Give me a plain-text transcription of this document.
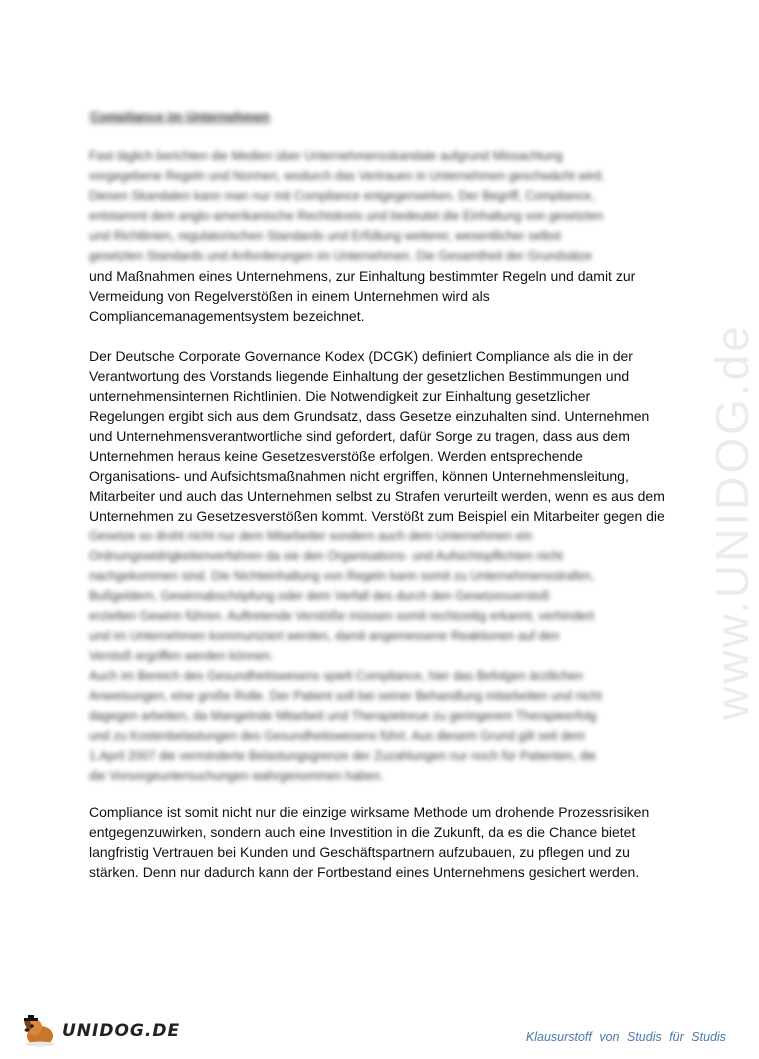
www.UNIDOG.de
Compliance im Unternehmen
Fast täglich berichten die Medien über Unternehmensskandale aufgrund Missachtung
vorgegebene Regeln und Normen, wodurch das Vertrauen in Unternehmen geschwächt wird.
Diesen Skandalen kann man nur mit Compliance entgegenwirken. Der Begriff, Compliance,
entstammt dem anglo-amerikanische Rechtskreis und bedeutet die Einhaltung von gesetzten
und Richtlinien, regulatorischen Standards und Erfüllung weiterer, wesentlicher selbst
gesetzten Standards und Anforderungen im Unternehmen. Die Gesamtheit der Grundsätze
und Maßnahmen eines Unternehmens, zur Einhaltung bestimmter Regeln und damit zur
Vermeidung von Regelverstößen in einem Unternehmen wird als
Compliancemanagementsystem bezeichnet.
Der Deutsche Corporate Governance Kodex (DCGK) definiert Compliance als die in der
Verantwortung des Vorstands liegende Einhaltung der gesetzlichen Bestimmungen und
unternehmensinternen Richtlinien. Die Notwendigkeit zur Einhaltung gesetzlicher
Regelungen ergibt sich aus dem Grundsatz, dass Gesetze einzuhalten sind. Unternehmen
und Unternehmensverantwortliche sind gefordert, dafür Sorge zu tragen, dass aus dem
Unternehmen heraus keine Gesetzesverstöße erfolgen. Werden entsprechende
Organisations- und Aufsichtsmaßnahmen nicht ergriffen, können Unternehmensleitung,
Mitarbeiter und auch das Unternehmen selbst zu Strafen verurteilt werden, wenn es aus dem
Unternehmen zu Gesetzesverstößen kommt. Verstößt zum Beispiel ein Mitarbeiter gegen die
Gesetze so droht nicht nur dem Mitarbeiter sondern auch dem Unternehmen ein
Ordnungswidrigkeitenverfahren da sie den Organisations- und Aufsichtspflichten nicht
nachgekommen sind. Die Nichteinhaltung von Regeln kann somit zu Unternehmensstrafen,
Bußgeldern, Gewinnabschöpfung oder dem Verfall des durch den Gesetzesverstoß
erzielten Gewinn führen. Auftretende Verstöße müssen somit rechtzeitig erkannt, verhindert
und im Unternehmen kommuniziert werden, damit angemessene Reaktionen auf den
Verstoß ergriffen werden können.
Auch im Bereich des Gesundheitswesens spielt Compliance, hier das Befolgen ärztlichen
Anweisungen, eine große Rolle. Der Patient soll bei seiner Behandlung mitarbeiten und nicht
dagegen arbeiten, da Mangelnde Mitarbeit und Therapietreue zu geringerem Therapieerfolg
und zu Kostenbelastungen des Gesundheitswesens führt. Aus diesem Grund gilt seit dem
1.April 2007 die verminderte Belastungsgrenze der Zuzahlungen nur noch für Patienten, die
die Vorsorgeuntersuchungen wahrgenommen haben.
Compliance ist somit nicht nur die einzige wirksame Methode um drohende Prozessrisiken
entgegenzuwirken, sondern auch eine Investition in die Zukunft, da es die Chance bietet
langfristig Vertrauen bei Kunden und Geschäftspartnern aufzubauen, zu pflegen und zu
stärken. Denn nur dadurch kann der Fortbestand eines Unternehmens gesichert werden.
UNIDOG.DE	Klausurstoff von Studis für Studis
